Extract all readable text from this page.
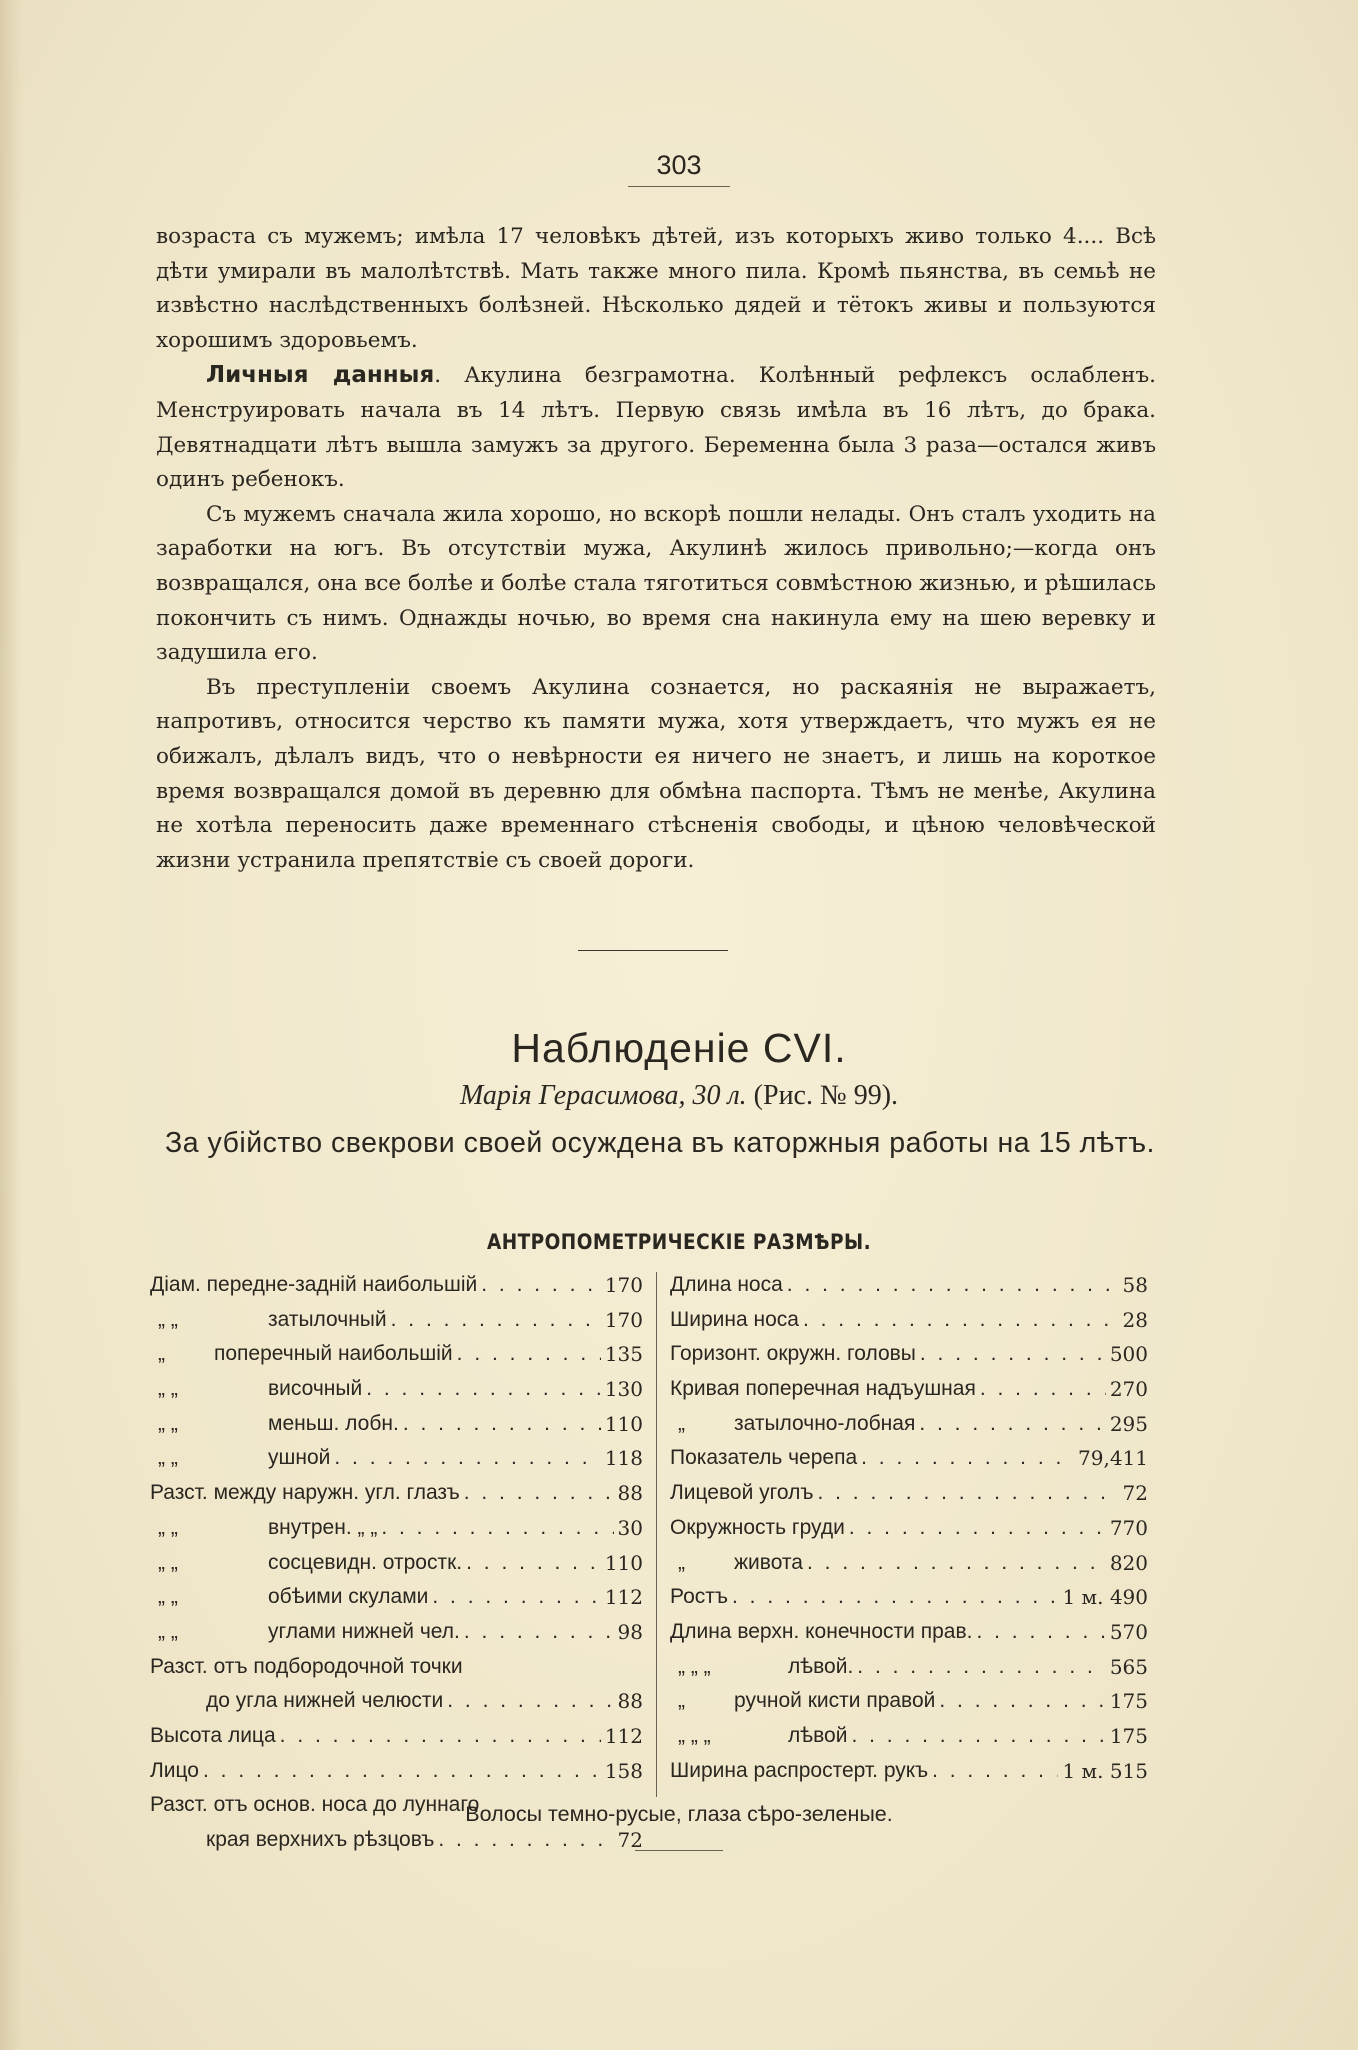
303

возраста съ мужемъ; имѣла 17 человѣкъ дѣтей, изъ которыхъ живо только 4.... Всѣ дѣти умирали въ малолѣтствѣ. Мать также много пила. Кромѣ пьянства, въ семьѣ не извѣстно наслѣдственныхъ болѣзней. Нѣсколько дядей и тётокъ живы и пользуются хорошимъ здоровьемъ.

Личныя данныя. Акулина безграмотна. Колѣнный рефлексъ ослабленъ. Менструировать начала въ 14 лѣтъ. Первую связь имѣла въ 16 лѣтъ, до брака. Девятнадцати лѣтъ вышла замужъ за другого. Беременна была 3 раза—остался живъ одинъ ребенокъ.

Съ мужемъ сначала жила хорошо, но вскорѣ пошли нелады. Онъ сталъ уходить на заработки на югъ. Въ отсутствіи мужа, Акулинѣ жилось привольно;—когда онъ возвращался, она все болѣе и болѣе стала тяготиться совмѣстною жизнью, и рѣшилась покончить съ нимъ. Однажды ночью, во время сна накинула ему на шею веревку и задушила его.

Въ преступленіи своемъ Акулина сознается, но раскаянія не выражаетъ, напротивъ, относится черство къ памяти мужа, хотя утверждаетъ, что мужъ ея не обижалъ, дѣлалъ видъ, что о невѣрности ея ничего не знаетъ, и лишь на короткое время возвращался домой въ деревню для обмѣна паспорта. Тѣмъ не менѣе, Акулина не хотѣла переносить даже временнаго стѣсненія свободы, и цѣною человѣческой жизни устранила препятствіе съ своей дороги.

Наблюденіе CVI.
Марія Герасимова, 30 л. (Рис. № 99).
За убійство свекрови своей осуждена въ каторжныя работы на 15 лѣтъ.
АНТРОПОМЕТРИЧЕСКІЕ РАЗМѢРЫ.
Діам. передне-задній наибольшій . . .	170
„ „	затылочный . . .	170
„ поперечный наибольшій . . .	135
„ „	височный . . .	130
„ „	меньш. лобн. . . .	110
„ „	ушной . . .	118
Разст. между наружн. угл. глазъ . . .	88
„ „	внутрен. „ „ . . .	30
„ „	сосцевидн. отростк. . . .	110
„ „	обѣими скулами . . .	112
„ „	углами нижней чел. . . .	98
Разст. отъ подбородочной точки
до угла нижней челюсти . . .	88
Высота лица . . .	112
Лицо . . .	158
Разст. отъ основ. носа до луннаго
края верхнихъ рѣзцовъ . . .	72
Длина носа . . .	58
Ширина носа . . .	28
Горизонт. окружн. головы . . .	500
Кривая поперечная надъушная . . .	270
„ затылочно-лобная . . .	295
Показатель черепа . . .	79,411
Лицевой уголъ . . .	72
Окружность груди . . .	770
„ живота . . .	820
Ростъ . . .	1 м. 490
Длина верхн. конечности прав. . . .	570
„ „ „	лѣвой. . . .	565
„ ручной кисти правой . . .	175
„ „ „	лѣвой . . .	175
Ширина распростерт. рукъ . . .	1 м. 515
Волосы темно-русые, глаза сѣро-зеленые.
